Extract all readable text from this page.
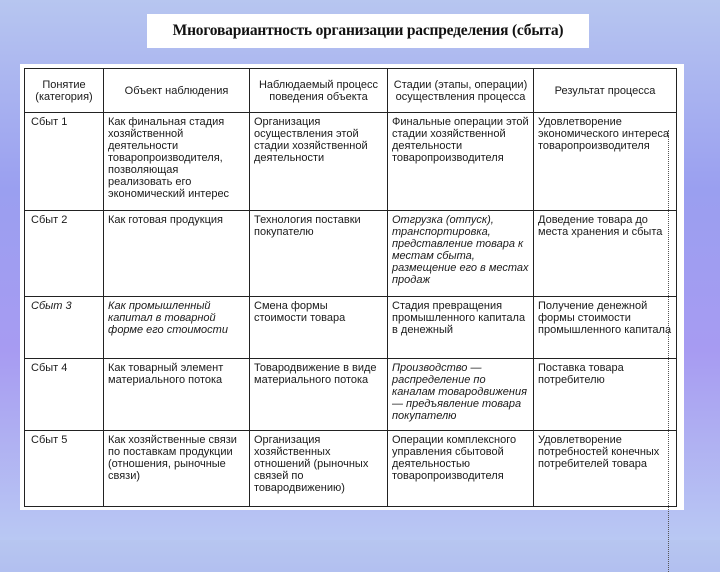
Многовариантность организации распределения (сбыта)
Понятие (категория)	Объект наблюдения	Наблюдаемый процесс поведения объекта	Стадии (этапы, операции) осуществления процесса	Результат процесса
Сбыт 1	Как финальная стадия хозяйственной деятельности товаропроизводителя, позволяющая реализовать его экономический интерес	Организация осуществления этой стадии хозяйственной деятельности	Финальные операции этой стадии хозяйственной деятельности товаропроизводителя	Удовлетворение экономического интереса товаропроизводителя
Сбыт 2	Как готовая продукция	Технология поставки покупателю	Отгрузка (отпуск), транспортировка, представление товара к местам сбыта, размещение его в местах продаж	Доведение товара до места хранения и сбыта
Сбыт 3	Как промышленный капитал в товарной форме его стоимости	Смена формы стоимости товара	Стадия превращения промышленного капитала в денежный	Получение денежной формы стоимости промышленного капитала
Сбыт 4	Как товарный элемент материального потока	Товародвижение в виде материального потока	Производство — распределение по каналам товародвижения — предъявление товара покупателю	Поставка товара потребителю
Сбыт 5	Как хозяйственные связи по поставкам продукции (отношения, рыночные связи)	Организация хозяйственных отношений (рыночных связей по товародвижению)	Операции комплексного управления сбытовой деятельностью товаропроизводителя	Удовлетворение потребностей конечных потребителей товара
